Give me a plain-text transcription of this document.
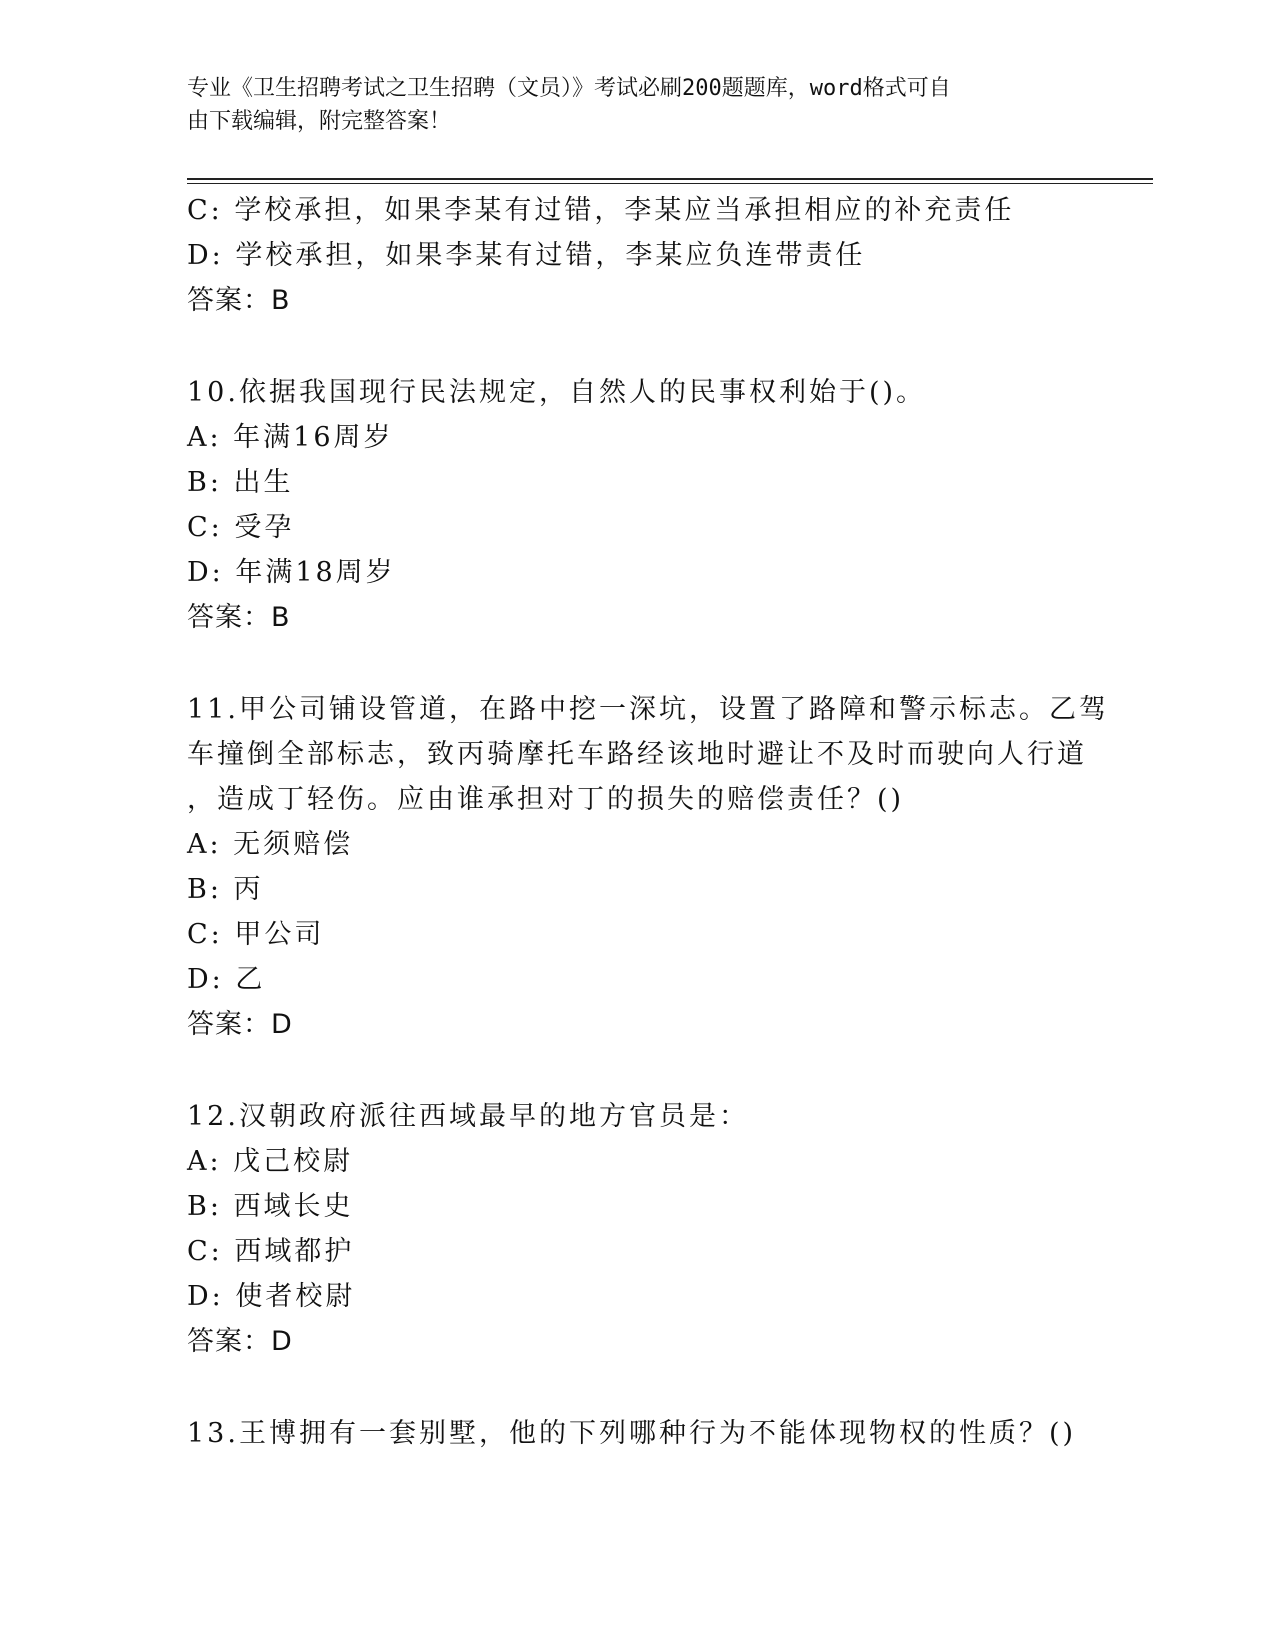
专业《卫生招聘考试之卫生招聘（文员）》考试必刷200题题库，word格式可自
由下载编辑，附完整答案！
C: 学校承担，如果李某有过错，李某应当承担相应的补充责任
D: 学校承担，如果李某有过错，李某应负连带责任
答案：B
10.依据我国现行民法规定，自然人的民事权利始于()。
A: 年满16周岁
B: 出生
C: 受孕
D: 年满18周岁
答案：B
11.甲公司铺设管道，在路中挖一深坑，设置了路障和警示标志。乙驾
车撞倒全部标志，致丙骑摩托车路经该地时避让不及时而驶向人行道
，造成丁轻伤。应由谁承担对丁的损失的赔偿责任？()
A: 无须赔偿
B: 丙
C: 甲公司
D: 乙
答案：D
12.汉朝政府派往西域最早的地方官员是：
A: 戊己校尉
B: 西域长史
C: 西域都护
D: 使者校尉
答案：D
13.王博拥有一套别墅，他的下列哪种行为不能体现物权的性质？()
